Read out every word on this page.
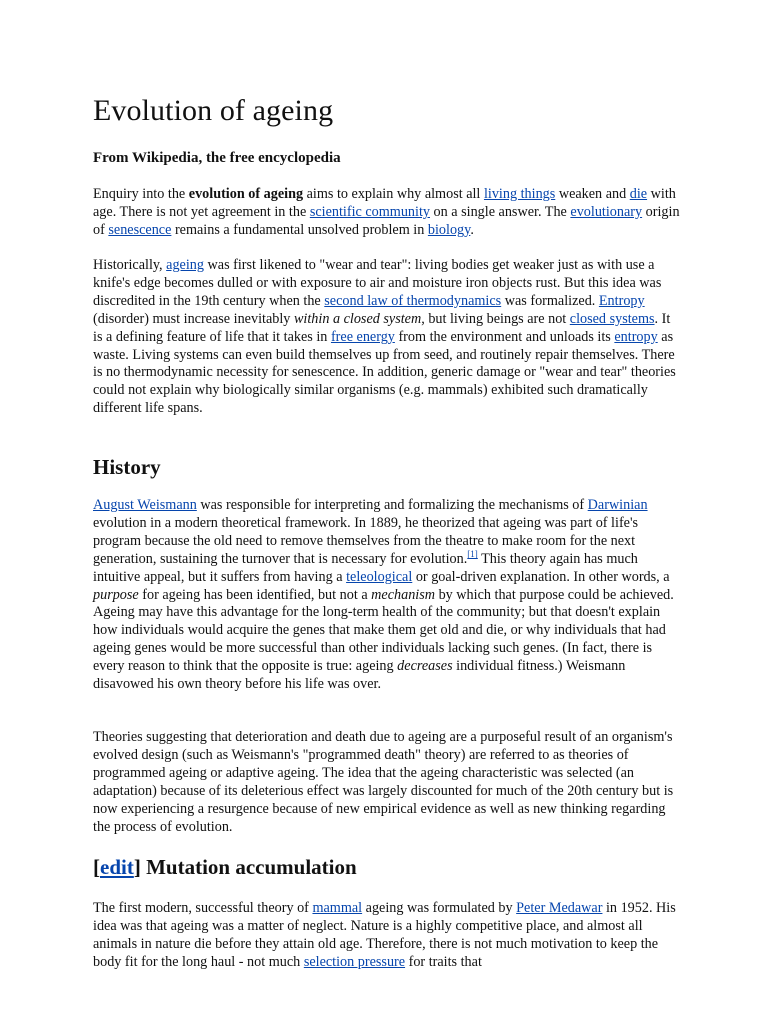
Evolution of ageing
From Wikipedia, the free encyclopedia

Enquiry into the evolution of ageing aims to explain why almost all living things weaken and die with age. There is not yet agreement in the scientific community on a single answer. The evolutionary origin of senescence remains a fundamental unsolved problem in biology.

Historically, ageing was first likened to "wear and tear": living bodies get weaker just as with use a knife's edge becomes dulled or with exposure to air and moisture iron objects rust. But this idea was discredited in the 19th century when the second law of thermodynamics was formalized. Entropy (disorder) must increase inevitably within a closed system, but living beings are not closed systems. It is a defining feature of life that it takes in free energy from the environment and unloads its entropy as waste. Living systems can even build themselves up from seed, and routinely repair themselves. There is no thermodynamic necessity for senescence. In addition, generic damage or "wear and tear" theories could not explain why biologically similar organisms (e.g. mammals) exhibited such dramatically different life spans.

History

August Weismann was responsible for interpreting and formalizing the mechanisms of Darwinian evolution in a modern theoretical framework. In 1889, he theorized that ageing was part of life's program because the old need to remove themselves from the theatre to make room for the next generation, sustaining the turnover that is necessary for evolution.[1] This theory again has much intuitive appeal, but it suffers from having a teleological or goal-driven explanation. In other words, a purpose for ageing has been identified, but not a mechanism by which that purpose could be achieved. Ageing may have this advantage for the long-term health of the community; but that doesn't explain how individuals would acquire the genes that make them get old and die, or why individuals that had ageing genes would be more successful than other individuals lacking such genes. (In fact, there is every reason to think that the opposite is true: ageing decreases individual fitness.) Weismann disavowed his own theory before his life was over.

Theories suggesting that deterioration and death due to ageing are a purposeful result of an organism's evolved design (such as Weismann's "programmed death" theory) are referred to as theories of programmed ageing or adaptive ageing. The idea that the ageing characteristic was selected (an adaptation) because of its deleterious effect was largely discounted for much of the 20th century but is now experiencing a resurgence because of new empirical evidence as well as new thinking regarding the process of evolution.

[edit] Mutation accumulation

The first modern, successful theory of mammal ageing was formulated by Peter Medawar in 1952. His idea was that ageing was a matter of neglect. Nature is a highly competitive place, and almost all animals in nature die before they attain old age. Therefore, there is not much motivation to keep the body fit for the long haul - not much selection pressure for traits that
